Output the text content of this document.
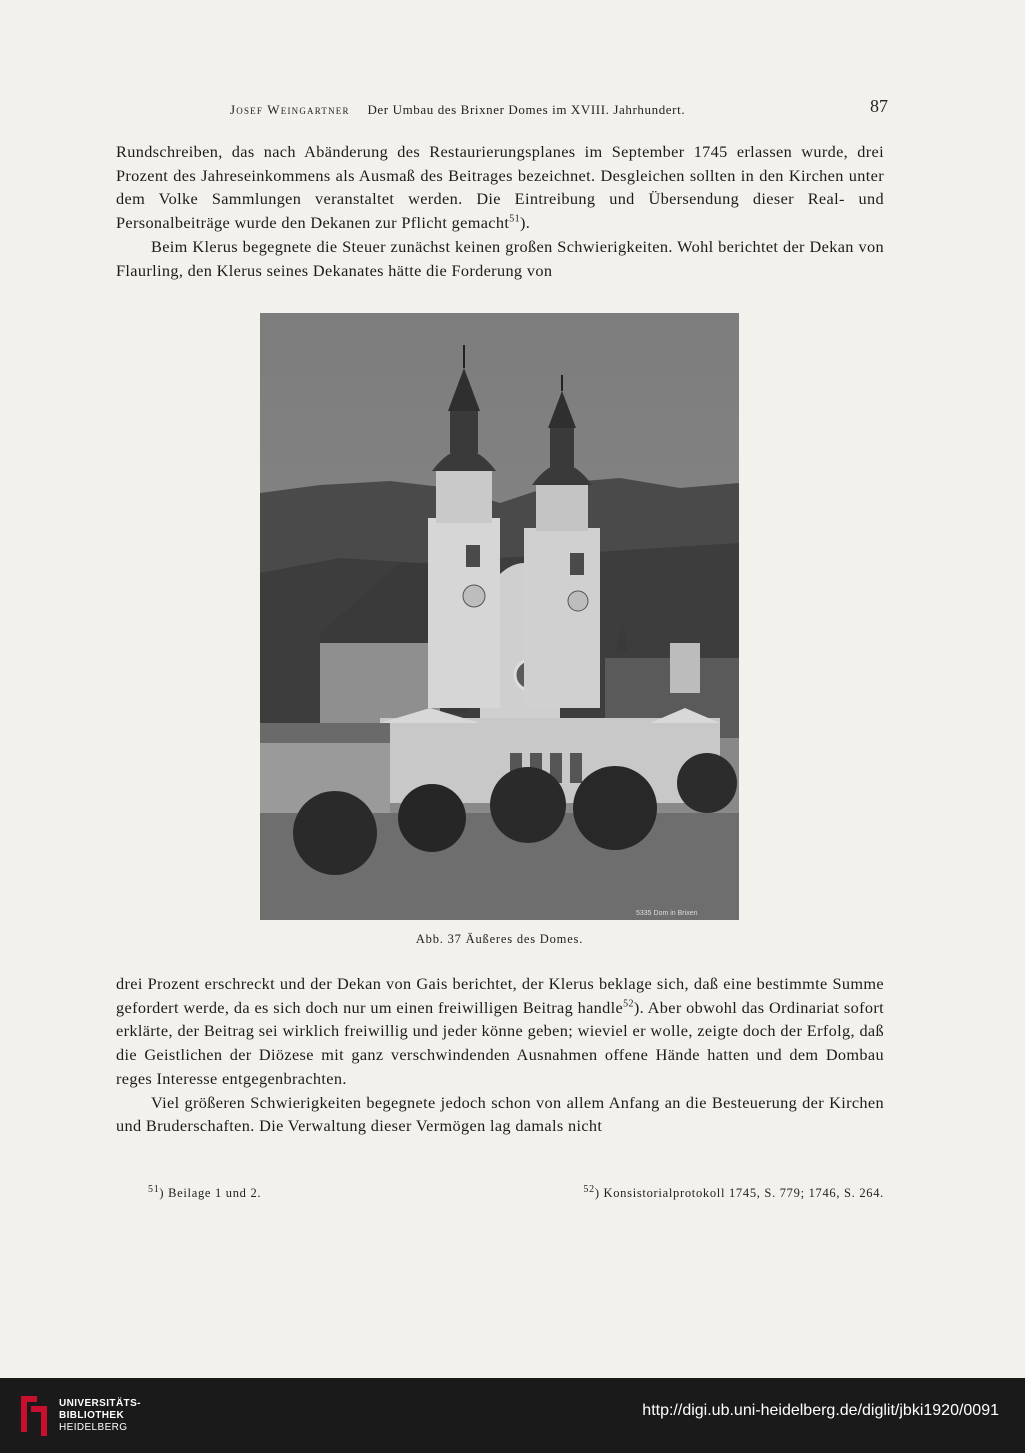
Josef Weingartner Der Umbau des Brixner Domes im XVIII. Jahrhundert.	87
Rundschreiben, das nach Abänderung des Restaurierungsplanes im September 1745 erlassen wurde, drei Prozent des Jahreseinkommens als Ausmaß des Beitrages bezeichnet. Desgleichen sollten in den Kirchen unter dem Volke Sammlungen veranstaltet werden. Die Eintreibung und Übersendung dieser Real- und Personalbeiträge wurde den Dekanen zur Pflicht gemacht$^{51}$).
Beim Klerus begegnete die Steuer zunächst keinen großen Schwierigkeiten. Wohl berichtet der Dekan von Flaurling, den Klerus seines Dekanates hätte die Forderung von
5335 Dom in Brixen
Abb. 37 Äußeres des Domes.
drei Prozent erschreckt und der Dekan von Gais berichtet, der Klerus beklage sich, daß eine bestimmte Summe gefordert werde, da es sich doch nur um einen freiwilligen Beitrag handle$^{52}$). Aber obwohl das Ordinariat sofort erklärte, der Beitrag sei wirklich freiwillig und jeder könne geben; wieviel er wolle, zeigte doch der Erfolg, daß die Geistlichen der Diözese mit ganz verschwindenden Ausnahmen offene Hände hatten und dem Dombau reges Interesse entgegenbrachten.
Viel größeren Schwierigkeiten begegnete jedoch schon von allem Anfang an die Besteuerung der Kirchen und Bruderschaften. Die Verwaltung dieser Vermögen lag damals nicht
$^{51}$) Beilage 1 und 2.	$^{52}$) Konsistorialprotokoll 1745, S. 779; 1746, S. 264.
UNIVERSITÄTS-
BIBLIOTHEK
HEIDELBERG
http://digi.ub.uni-heidelberg.de/diglit/jbki1920/0091
